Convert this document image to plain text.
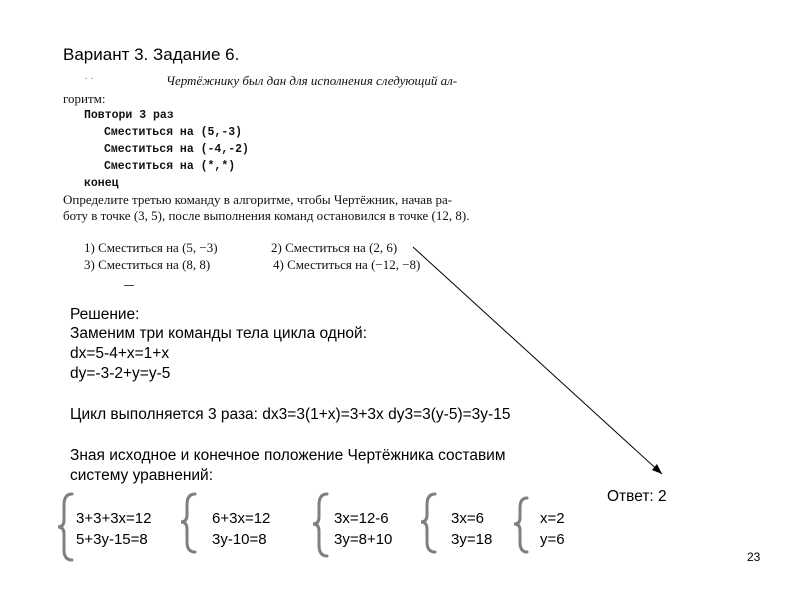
Вариант 3. Задание 6.
· ·	Чертёжнику был дан для исполнения следующий ал-
горитм:
Повтори 3 раз
Сместиться на (5,-3)
Сместиться на (-4,-2)
Сместиться на (*,*)
конец
Определите третью команду в алгоритме, чтобы Чертёжник, начав ра-
боту в точке (3, 5), после выполнения команд остановился в точке (12, 8).
1) Сместиться на (5, −3)	2) Сместиться на (2, 6)
3) Сместиться на (8, 8)	4) Сместиться на (−12, −8)
Решение:
Заменим три команды тела цикла одной:
dx=5-4+x=1+x
dy=-3-2+y=y-5
Цикл выполняется 3 раза: dx3=3(1+x)=3+3x dy3=3(y-5)=3y-15
Зная исходное и конечное положение Чертёжника составим
систему уравнений:
3+3+3x=12
5+3y-15=8
6+3x=12
3y-10=8
3x=12-6
3y=8+10
3x=6
3y=18
x=2
y=6
Ответ: 2
23
